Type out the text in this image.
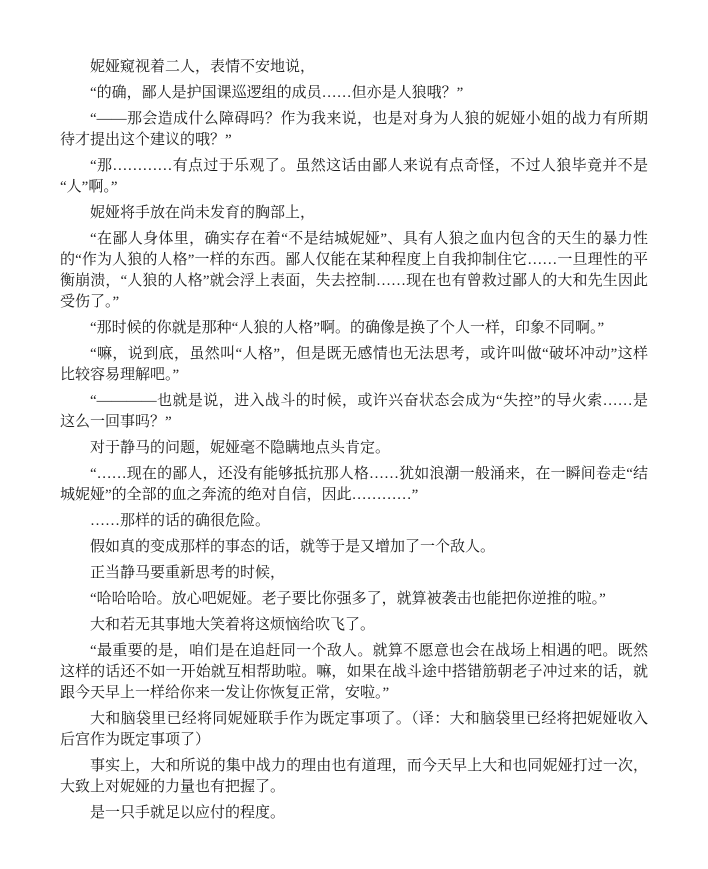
妮娅窥视着二人，表情不安地说，

“的确，鄙人是护国课巡逻组的成员……但亦是人狼哦？”

“——那会造成什么障碍吗？作为我来说，也是对身为人狼的妮娅小姐的战力有所期待才提出这个建议的哦？”

“那…………有点过于乐观了。虽然这话由鄙人来说有点奇怪，不过人狼毕竟并不是“人”啊。”

妮娅将手放在尚未发育的胸部上，

“在鄙人身体里，确实存在着“不是结城妮娅”、具有人狼之血内包含的天生的暴力性的“作为人狼的人格”一样的东西。鄙人仅能在某种程度上自我抑制住它……一旦理性的平衡崩溃，“人狼的人格”就会浮上表面，失去控制……现在也有曾救过鄙人的大和先生因此受伤了。”

“那时候的你就是那种“人狼的人格”啊。的确像是换了个人一样，印象不同啊。”

“嘛，说到底，虽然叫“人格”，但是既无感情也无法思考，或许叫做“破坏冲动”这样比较容易理解吧。”

“————也就是说，进入战斗的时候，或许兴奋状态会成为“失控”的导火索……是这么一回事吗？”

对于静马的问题，妮娅毫不隐瞒地点头肯定。

“……现在的鄙人，还没有能够抵抗那人格……犹如浪潮一般涌来，在一瞬间卷走“结城妮娅”的全部的血之奔流的绝对自信，因此…………”

……那样的话的确很危险。

假如真的变成那样的事态的话，就等于是又增加了一个敌人。

正当静马要重新思考的时候，

“哈哈哈哈。放心吧妮娅。老子要比你强多了，就算被袭击也能把你逆推的啦。”

大和若无其事地大笑着将这烦恼给吹飞了。

“最重要的是，咱们是在追赶同一个敌人。就算不愿意也会在战场上相遇的吧。既然这样的话还不如一开始就互相帮助啦。嘛，如果在战斗途中搭错筋朝老子冲过来的话，就跟今天早上一样给你来一发让你恢复正常，安啦。”

大和脑袋里已经将同妮娅联手作为既定事项了。（译：大和脑袋里已经将把妮娅收入后宫作为既定事项了）

事实上，大和所说的集中战力的理由也有道理，而今天早上大和也同妮娅打过一次，大致上对妮娅的力量也有把握了。

是一只手就足以应付的程度。
